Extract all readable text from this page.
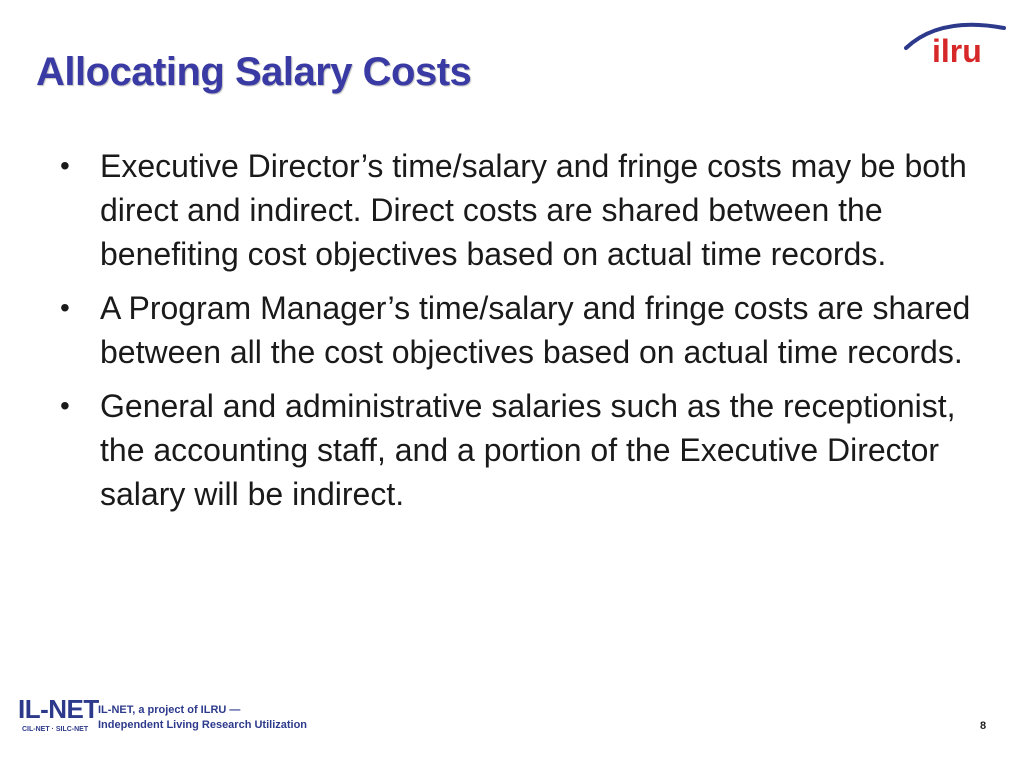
Allocating Salary Costs	ilru
• Executive Director’s time/salary and fringe costs may be both direct and indirect. Direct costs are shared between the benefiting cost objectives based on actual time records.
• A Program Manager’s time/salary and fringe costs are shared between all the cost objectives based on actual time records.
• General and administrative salaries such as the receptionist, the accounting staff, and a portion of the Executive Director salary will be indirect.
IL-NET
CIL-NET · SILC-NET
IL-NET, a project of ILRU —
Independent Living Research Utilization	8
